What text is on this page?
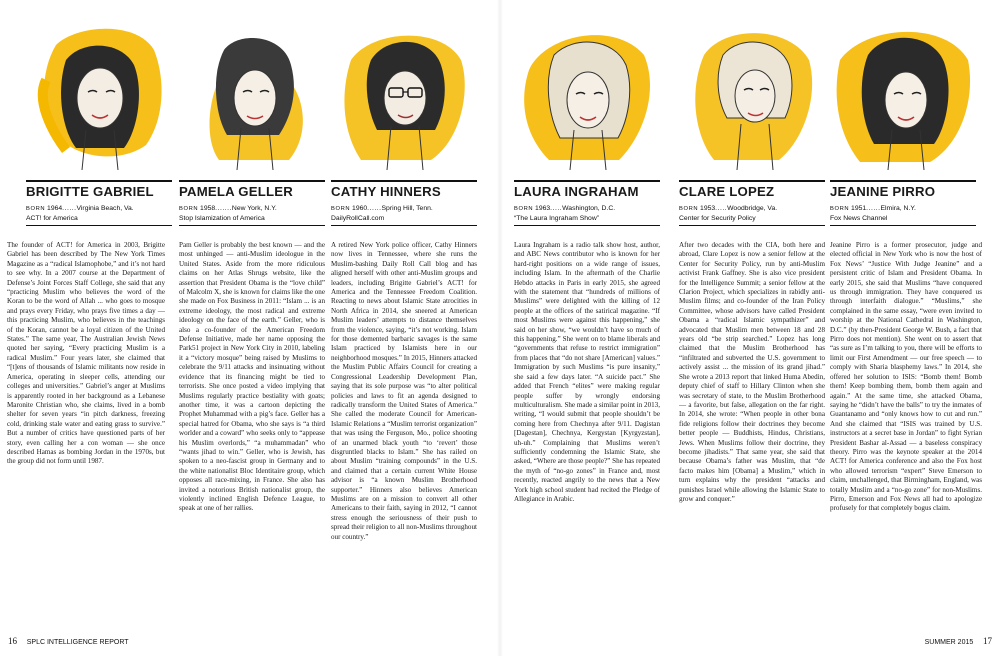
BRIGITTE GABRIEL
BORN 1964......Virginia Beach, Va.
ACT! for America
PAMELA GELLER
BORN 1958.......New York, N.Y.
Stop Islamization of America
CATHY HINNERS
BORN 1960......Spring Hill, Tenn.
DailyRollCall.com
LAURA INGRAHAM
BORN 1963.....Washington, D.C.
“The Laura Ingraham Show”
CLARE LOPEZ
BORN 1953.....Woodbridge, Va.
Center for Security Policy
JEANINE PIRRO
BORN 1951......Elmira, N.Y.
Fox News Channel
The founder of ACT! for America in 2003, Brigitte Gabriel has been described by The New York Times Magazine as a “radical Islamophobe,” and it’s not hard to see why. In a 2007 course at the Department of Defense’s Joint Forces Staff College, she said that any “practicing Muslim who believes the word of the Koran to be the word of Allah ... who goes to mosque and prays every Friday, who prays five times a day — this practicing Muslim, who believes in the teachings of the Koran, cannot be a loyal citizen of the United States.” The same year, The Australian Jewish News quoted her saying, “Every practicing Muslim is a radical Muslim.” Four years later, she claimed that “[t]ens of thousands of Islamic militants now reside in America, operating in sleeper cells, attending our colleges and universities.” Gabriel’s anger at Muslims is apparently rooted in her background as a Lebanese Maronite Christian who, she claims, lived in a bomb shelter for seven years “in pitch darkness, freezing cold, drinking stale water and eating grass to survive.” But a number of critics have questioned parts of her story, even calling her a con woman — she once described Hamas as bombing Jordan in the 1970s, but the group did not form until 1987.
Pam Geller is probably the best known — and the most unhinged — anti-Muslim ideologue in the United States. Aside from the more ridiculous claims on her Atlas Shrugs website, like the assertion that President Obama is the “love child” of Malcolm X, she is known for claims like the one she made on Fox Business in 2011: “Islam ... is an extreme ideology, the most radical and extreme ideology on the face of the earth.” Geller, who is also a co-founder of the American Freedom Defense Initiative, made her name opposing the Park51 project in New York City in 2010, labeling it a “victory mosque” being raised by Muslims to celebrate the 9/11 attacks and insinuating without evidence that its financing might be tied to terrorists. She once posted a video implying that Muslims regularly practice bestiality with goats; another time, it was a cartoon depicting the Prophet Muhammad with a pig’s face. Geller has a special hatred for Obama, who she says is “a third worlder and a coward” who seeks only to “appease his Muslim overlords,” “a muhammadan” who “wants jihad to win.” Geller, who is Jewish, has spoken to a neo-fascist group in Germany and to the white nationalist Bloc Identitaire group, which opposes all race-mixing, in France. She also has invited a notorious British nationalist group, the violently inclined English Defence League, to speak at one of her rallies.
A retired New York police officer, Cathy Hinners now lives in Tennessee, where she runs the Muslim-bashing Daily Roll Call blog and has aligned herself with other anti-Muslim groups and leaders, including Brigitte Gabriel’s ACT! for America and the Tennessee Freedom Coalition. Reacting to news about Islamic State atrocities in North Africa in 2014, she sneered at American Muslim leaders’ attempts to distance themselves from the violence, saying, “it’s not working. Islam for those demented barbaric savages is the same Islam practiced by Islamists here in our neighborhood mosques.” In 2015, Hinners attacked the Muslim Public Affairs Council for creating a Congressional Leadership Development Plan, saying that its sole purpose was “to alter political policies and laws to fit an agenda designed to radically transform the United States of America.” She called the moderate Council for American-Islamic Relations a “Muslim terrorist organization” that was using the Ferguson, Mo., police shooting of an unarmed black youth “to ‘revert’ those disgruntled blacks to Islam.” She has railed on about Muslim “training compounds” in the U.S. and claimed that a certain current White House advisor is “a known Muslim Brotherhood supporter.” Hinners also believes American Muslims are on a mission to convert all other Americans to their faith, saying in 2012, “I cannot stress enough the seriousness of their push to spread their religion to all non-Muslims throughout our country.”
Laura Ingraham is a radio talk show host, author, and ABC News contributor who is known for her hard-right positions on a wide range of issues, including Islam. In the aftermath of the Charlie Hebdo attacks in Paris in early 2015, she agreed with the statement that “hundreds of millions of Muslims” were delighted with the killing of 12 people at the offices of the satirical magazine. “If most Muslims were against this happening,” she said on her show, “we wouldn’t have so much of this happening.” She went on to blame liberals and “governments that refuse to restrict immigration” from places that “do not share [American] values.” Immigration by such Muslims “is pure insanity,” she said a few days later. “A suicide pact.” She added that French “elites” were making regular people suffer by wrongly endorsing multiculturalism. She made a similar point in 2013, writing, “I would submit that people shouldn’t be coming here from Chechnya after 9/11. Dagistan [Dagestan], Chechnya, Kergystan [Kyrgyzstan], uh-uh.” Complaining that Muslims weren’t sufficiently condemning the Islamic State, she asked, “Where are those people?” She has repeated the myth of “no-go zones” in France and, most recently, reacted angrily to the news that a New York high school student had recited the Pledge of Allegiance in Arabic.
After two decades with the CIA, both here and abroad, Clare Lopez is now a senior fellow at the Center for Security Policy, run by anti-Muslim activist Frank Gaffney. She is also vice president for the Intelligence Summit; a senior fellow at the Clarion Project, which specializes in rabidly anti-Muslim films; and co-founder of the Iran Policy Committee, whose advisors have called President Obama a “radical Islamic sympathizer” and advocated that Muslim men between 18 and 28 years old “be strip searched.” Lopez has long claimed that the Muslim Brotherhood has “infiltrated and subverted the U.S. government to actively assist ... the mission of its grand jihad.” She wrote a 2013 report that linked Huma Abedin, deputy chief of staff to Hillary Clinton when she was secretary of state, to the Muslim Brotherhood — a favorite, but false, allegation on the far right. In 2014, she wrote: “When people in other bona fide religions follow their doctrines they become better people — Buddhists, Hindus, Christians, Jews. When Muslims follow their doctrine, they become jihadists.” That same year, she said that because Obama’s father was Muslim, that “de facto makes him [Obama] a Muslim,” which in turn explains why the president “attacks and punishes Israel while allowing the Islamic State to grow and conquer.”
Jeanine Pirro is a former prosecutor, judge and elected official in New York who is now the host of Fox News’ “Justice With Judge Jeanine” and a persistent critic of Islam and President Obama. In early 2015, she said that Muslims “have conquered us through immigration. They have conquered us through interfaith dialogue.” “Muslims,” she complained in the same essay, “were even invited to worship at the National Cathedral in Washington, D.C.” (by then-President George W. Bush, a fact that Pirro does not mention). She went on to assert that “as sure as I’m talking to you, there will be efforts to limit our First Amendment — our free speech — to comply with Sharia blasphemy laws.” In 2014, she offered her solution to ISIS: “Bomb them! Bomb them! Keep bombing them, bomb them again and again.” At the same time, she attacked Obama, saying he “didn’t have the balls” to try the inmates of Guantanamo and “only knows how to cut and run.” And she claimed that “ISIS was trained by U.S. instructors at a secret base in Jordan” to fight Syrian President Bashar al-Assad — a baseless conspiracy theory. Pirro was the keynote speaker at the 2014 ACT! for America conference and also the Fox host who allowed terrorism “expert” Steve Emerson to claim, unchallenged, that Birmingham, England, was totally Muslim and a “no-go zone” for non-Muslims. Pirro, Emerson and Fox News all had to apologize profusely for that completely bogus claim.
16 SPLC INTELLIGENCE REPORT	SUMMER 2015 17
